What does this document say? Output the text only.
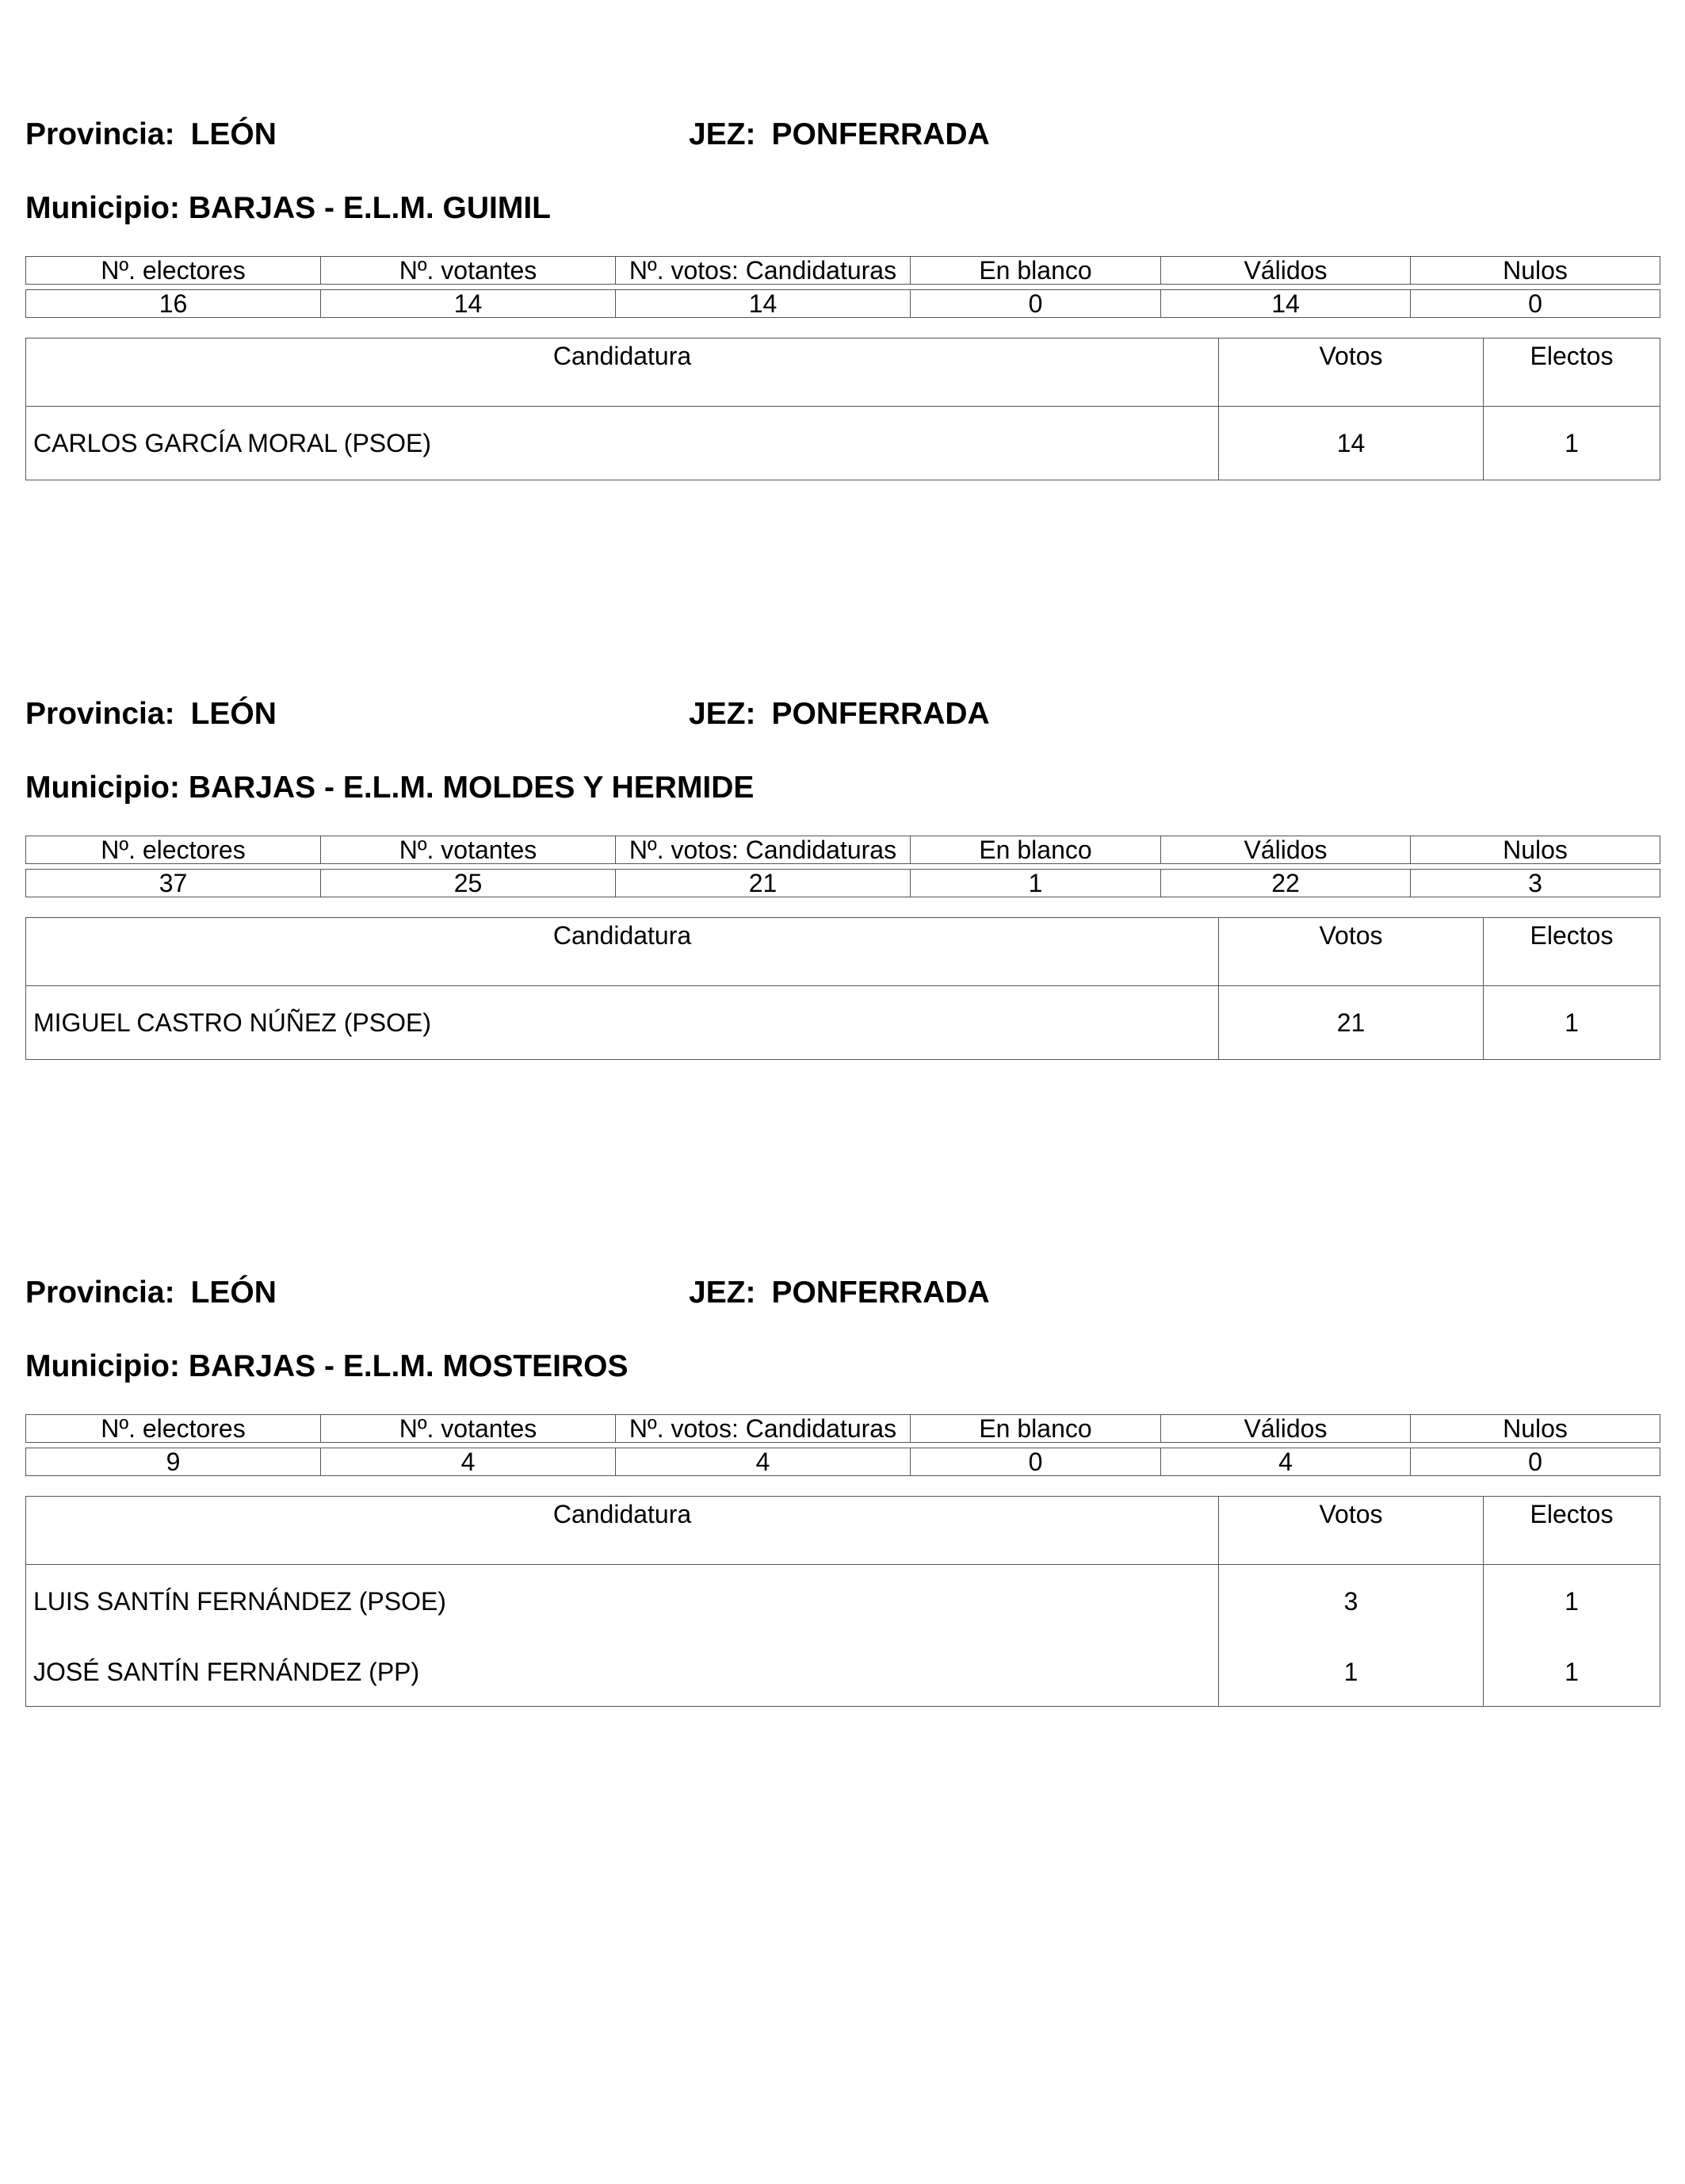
Provincia: LEÓN	JEZ: PONFERRADA
Municipio: BARJAS - E.L.M. GUIMIL
Nº. electores	Nº. votantes	Nº. votos: Candidaturas	En blanco	Válidos	Nulos

16	14	14	0	14	0
Candidatura	Votos	Electos
CARLOS GARCÍA MORAL (PSOE)	14	1
Provincia: LEÓN	JEZ: PONFERRADA
Municipio: BARJAS - E.L.M. MOLDES Y HERMIDE
Nº. electores	Nº. votantes	Nº. votos: Candidaturas	En blanco	Válidos	Nulos

37	25	21	1	22	3
Candidatura	Votos	Electos
MIGUEL CASTRO NÚÑEZ (PSOE)	21	1
Provincia: LEÓN	JEZ: PONFERRADA
Municipio: BARJAS - E.L.M. MOSTEIROS
Nº. electores	Nº. votantes	Nº. votos: Candidaturas	En blanco	Válidos	Nulos

9	4	4	0	4	0
Candidatura	Votos	Electos
LUIS SANTÍN FERNÁNDEZ (PSOE)	3	1
JOSÉ SANTÍN FERNÁNDEZ (PP)	1	1
